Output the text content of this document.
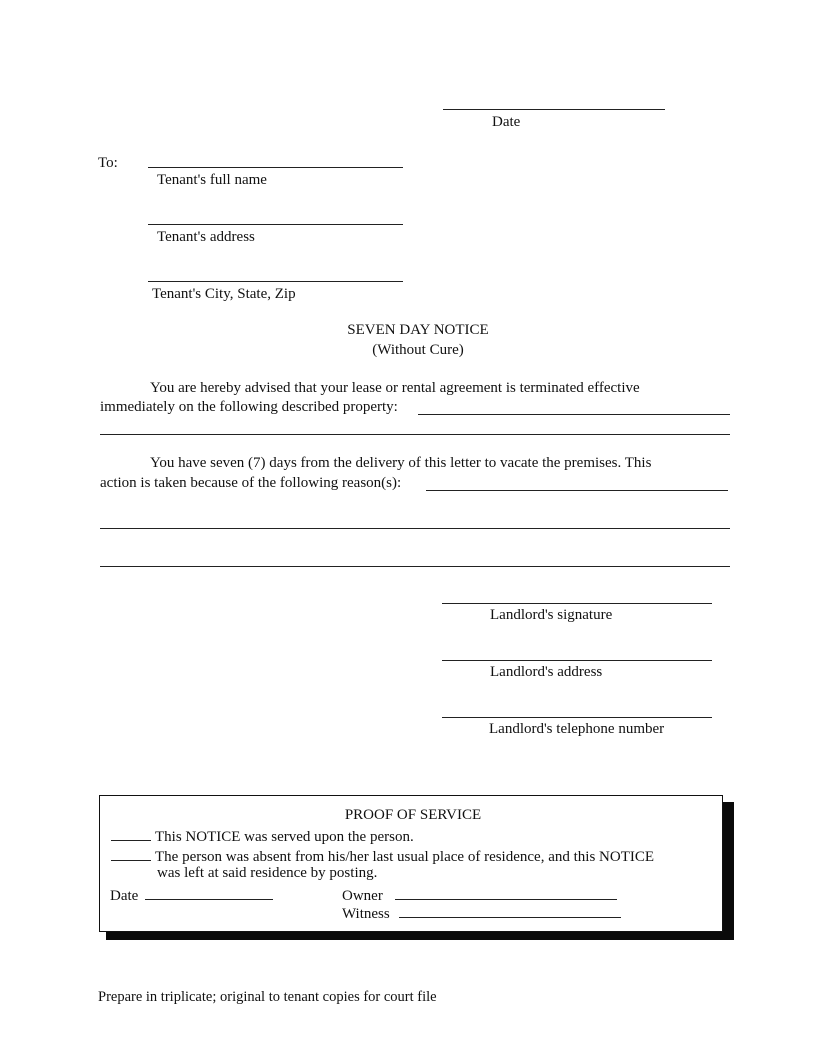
Date
To:
Tenant's full name
Tenant's address
Tenant's City, State, Zip
SEVEN DAY NOTICE
(Without Cure)
You are hereby advised that your lease or rental agreement is terminated effective
immediately on the following described property:
You have seven (7) days from the delivery of this letter to vacate the premises. This
action is taken because of the following reason(s):
Landlord's signature
Landlord's address
Landlord's telephone number
PROOF OF SERVICE
This NOTICE was served upon the person.
The person was absent from his/her last usual place of residence, and this NOTICE
was left at said residence by posting.
Date	Owner
Witness
Prepare in triplicate; original to tenant copies for court file
